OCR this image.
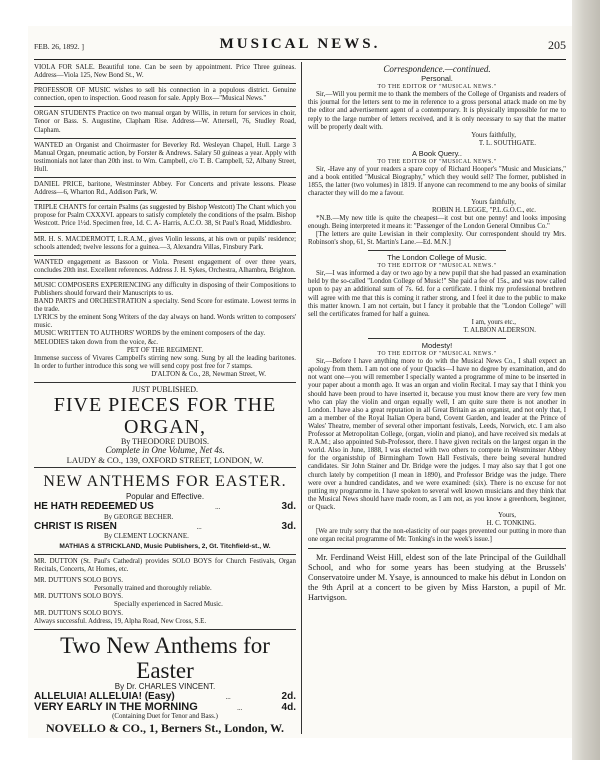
FEB. 26, 1892. ]	MUSICAL NEWS.	205
VIOLA FOR SALE. Beautiful tone. Can be seen by appointment. Price Three guineas. Address—Viola 125, New Bond St., W.
PROFESSOR OF MUSIC wishes to sell his connection in a populous district. Genuine connection, open to inspection. Good reason for sale. Apply Box—"Musical News."
ORGAN STUDENTS Practice on two manual organ by Willis, in return for services in choir, Tenor or Bass. S. Augustine, Clapham Rise. Address—W. Attersell, 76, Studley Road, Clapham.
WANTED an Organist and Choirmaster for Beverley Rd. Wesleyan Chapel, Hull. Large 3 Manual Organ, pneumatic action, by Forster & Andrews. Salary 50 guineas a year. Apply with testimonials not later than 20th inst. to Wm. Campbell, c/o T. B. Campbell, 52, Albany Street, Hull.
DANIEL PRICE, baritone, Westminster Abbey. For Concerts and private lessons. Please Address—6, Wharton Rd., Addison Park, W.
TRIPLE CHANTS for certain Psalms (as suggested by Bishop Westcott) The Chant which you propose for Psalm CXXXVI. appears to satisfy completely the conditions of the psalm. Bishop Westcott. Price 1½d. Specimen free, 1d. C. A- Harris, A.C.O. 38, St Paul's Road, Middlesbro.
MR. H. S. MACDERMOTT, L.R.A.M., gives Violin lessons, at his own or pupils' residence; schools attended; twelve lessons for a guinea.—3, Alexandra Villas, Finsbury Park.
WANTED engagement as Bassoon or Viola. Present engagement of over three years, concludes 20th inst. Excellent references. Address J. H. Sykes, Orchestra, Alhambra, Brighton.
MUSIC COMPOSERS EXPERIENCING any difficulty in disposing of their Compositions to Publishers should forward their Manuscripts to us.
BAND PARTS and ORCHESTRATION a specialty. Send Score for estimate. Lowest terms in the trade.
LYRICS by the eminent Song Writers of the day always on hand. Words written to composers' music.
MUSIC WRITTEN TO AUTHORS' WORDS by the eminent composers of the day.
MELODIES taken down from the voice, &c.
PET OF THE REGIMENT.
Immense success of Vivares Campbell's stirring new song. Sung by all the leading baritones. In order to further introduce this song we will send copy post free for 7 stamps.
D'ALTON & Co., 28, Newman Street, W.
JUST PUBLISHED.
FIVE PIECES FOR THE ORGAN,
By THEODORE DUBOIS.
Complete in One Volume, Net 4s.
LAUDY & CO., 139, OXFORD STREET, LONDON, W.
NEW ANTHEMS FOR EASTER.
Popular and Effective.
HE HATH REDEEMED US	...	3d.
By GEORGE BECHER.
CHRIST IS RISEN	...	3d.
By CLEMENT LOCKNANE.
MATHIAS & STRICKLAND, Music Publishers, 2, Gt. Titchfield-st., W.
MR. DUTTON (St. Paul's Cathedral) provides SOLO BOYS for Church Festivals, Organ Recitals, Concerts, At Homes, etc.
MR. DUTTON'S SOLO BOYS.
Personally trained and thoroughly reliable.
MR. DUTTON'S SOLO BOYS.
Specially experienced in Sacred Music.
MR. DUTTON'S SOLO BOYS.
Always successful. Address, 19, Alpha Road, New Cross, S.E.
Two New Anthems for Easter
By Dr. CHARLES VINCENT.
ALLELUIA! ALLELUIA! (Easy)	...	2d.
VERY EARLY IN THE MORNING	...	4d.
(Containing Duet for Tenor and Bass.)
NOVELLO & CO., 1, Berners St., London, W.
Correspondence.—continued.
Personal.
TO THE EDITOR OF "MUSICAL NEWS."

Sir,—Will you permit me to thank the members of the College of Organists and readers of this journal for the letters sent to me in reference to a gross personal attack made on me by the editor and advertisement agent of a contemporary. It is physically impossible for me to reply to the large number of letters received, and it is only necessary to say that the matter will be properly dealt with.

Yours faithfully,
T. L. SOUTHGATE.
A Book Query..
TO THE EDITOR OF "MUSICAL NEWS."

Sir, -Have any of your readers a spare copy of Richard Hooper's "Music and Musicians," and a book entitled "Musical Biography," which they would sell? The former, published in 1855, the latter (two volumes) in 1819. If anyone can recommend to me any books of similar character they will do me a favour.

Yours faithfully,
ROBIN H. LEGGE, "P.L.G.O.C., etc.

*N.B.—My new title is quite the cheapest—it cost but one penny! and looks imposing enough. Being interpreted it means it: "Passenger of the London General Omnibus Co."

[The letters are quite Lewisian in their complexity. Our correspondent should try Mrs. Robinson's shop, 61, St. Martin's Lane.—Ed. M.N.]

The London College of Music.
TO THE EDITOR OF "MUSICAL NEWS."

Sir,—I was informed a day or two ago by a new pupil that she had passed an examination held by the so-called "London College of Music!" She paid a fee of 15s., and was now called upon to pay an additional sum of 7s. 6d. for a certificate. I think my professional brethren will agree with me that this is coming it rather strong, and I feel it due to the public to make this matter known. I am not certain, but I fancy it probable that the "London College" will sell the certificates framed for half a guinea.

I am, yours etc.,
T. ALBION ALDERSON.
Modesty!
TO THE EDITOR OF "MUSICAL NEWS."

Sir,—Before I have anything more to do with the Musical News Co., I shall expect an apology from them. I am not one of your Quacks—I have no degree by examination, and do not want one—you will remember I specially wanted a programme of mine to be inserted in your paper about a month ago. It was an organ and violin Recital. I may say that I think you should have been proud to have inserted it, because you must know there are very few men who can play the violin and organ equally well, I am quite sure there is not another in London. I have also a great reputation in all Great Britain as an organist, and not only that, I am a member of the Royal Italian Opera band, Covent Garden, and leader at the Prince of Wales' Theatre, member of several other important festivals, Leeds, Norwich, etc. I am also Professor at Metropolitan College, (organ, violin and piano), and have received six medals at R.A.M.; also appointed Sub-Professor, there. I have given recitals on the largest organ in the world. Also in June, 1888, I was elected with two others to compete in Westminster Abbey for the organistship of Birmingham Town Hall Festivals, there being several hundred candidates. Sir John Stainer and Dr. Bridge were the judges. I may also say that I got one church lately by competition (I mean in 1890), and Professor Bridge was the judge. There were over a hundred candidates, and we were examined: (six). There is no excuse for not putting my programme in. I have spoken to several well known musicians and they think that the Musical News should have made room, as I am not, as you know a greenhorn, beginner, or Quack.

Yours,
H. C. TONKING.

[We are truly sorry that the non-elasticity of our pages prevented our putting in more than one organ recital programme of Mr. Tonking's in the week's issue.]

Mr. Ferdinand Weist Hill, eldest son of the late Principal of the Guildhall School, and who for some years has been studying at the Brussels' Conservatoire under M. Ysaye, is announced to make his début in London on the 9th April at a concert to be given by Miss Harston, a pupil of Mr. Hartvigson.
